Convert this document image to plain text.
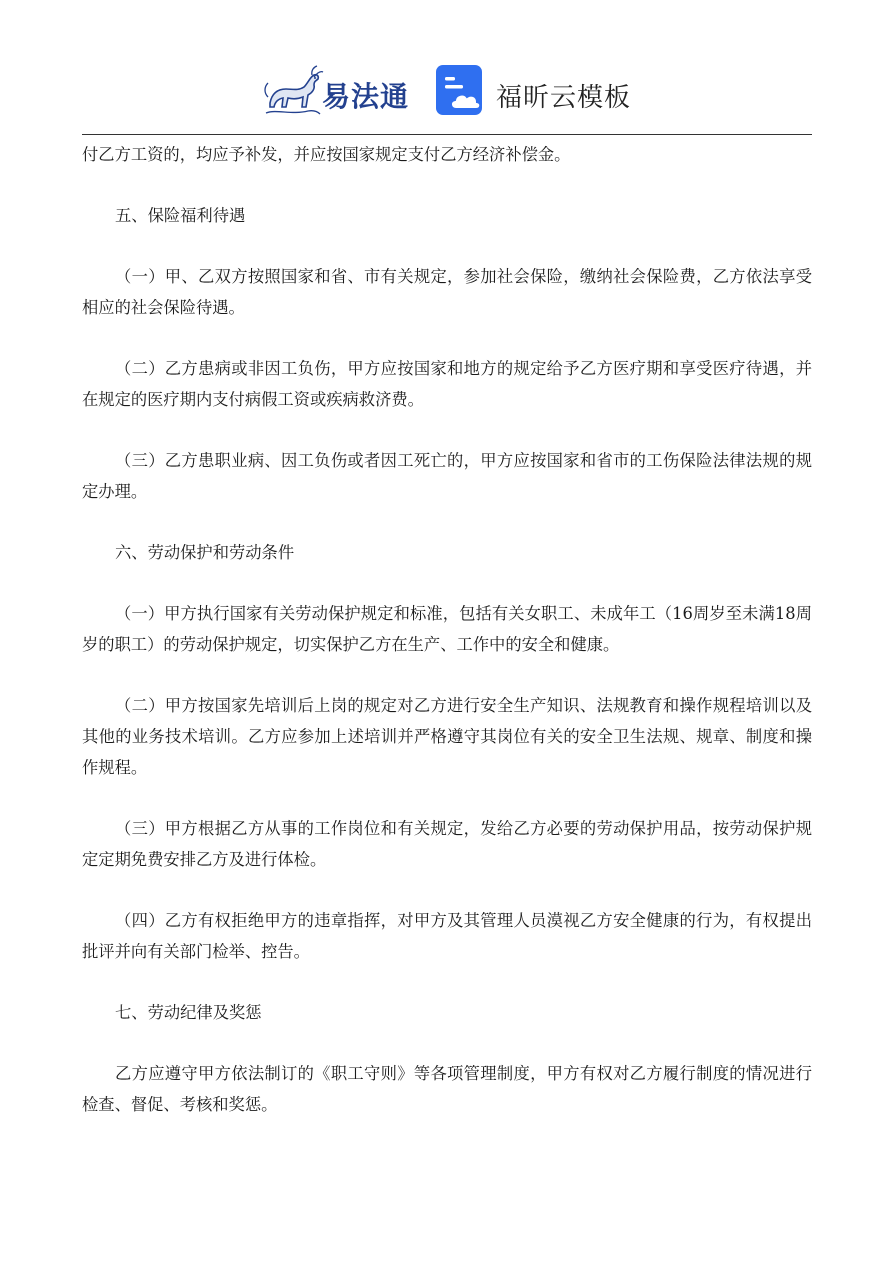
易法通	福昕云模板

付乙方工资的，均应予补发，并应按国家规定支付乙方经济补偿金。

五、保险福利待遇

（一）甲、乙双方按照国家和省、市有关规定，参加社会保险，缴纳社会保险费，乙方依法享受相应的社会保险待遇。

（二）乙方患病或非因工负伤，甲方应按国家和地方的规定给予乙方医疗期和享受医疗待遇，并在规定的医疗期内支付病假工资或疾病救济费。

（三）乙方患职业病、因工负伤或者因工死亡的，甲方应按国家和省市的工伤保险法律法规的规定办理。

六、劳动保护和劳动条件

（一）甲方执行国家有关劳动保护规定和标准，包括有关女职工、未成年工（16周岁至未满18周岁的职工）的劳动保护规定，切实保护乙方在生产、工作中的安全和健康。

（二）甲方按国家先培训后上岗的规定对乙方进行安全生产知识、法规教育和操作规程培训以及其他的业务技术培训。乙方应参加上述培训并严格遵守其岗位有关的安全卫生法规、规章、制度和操作规程。

（三）甲方根据乙方从事的工作岗位和有关规定，发给乙方必要的劳动保护用品，按劳动保护规定定期免费安排乙方及进行体检。

（四）乙方有权拒绝甲方的违章指挥，对甲方及其管理人员漠视乙方安全健康的行为，有权提出批评并向有关部门检举、控告。

七、劳动纪律及奖惩

乙方应遵守甲方依法制订的《职工守则》等各项管理制度，甲方有权对乙方履行制度的情况进行检查、督促、考核和奖惩。
